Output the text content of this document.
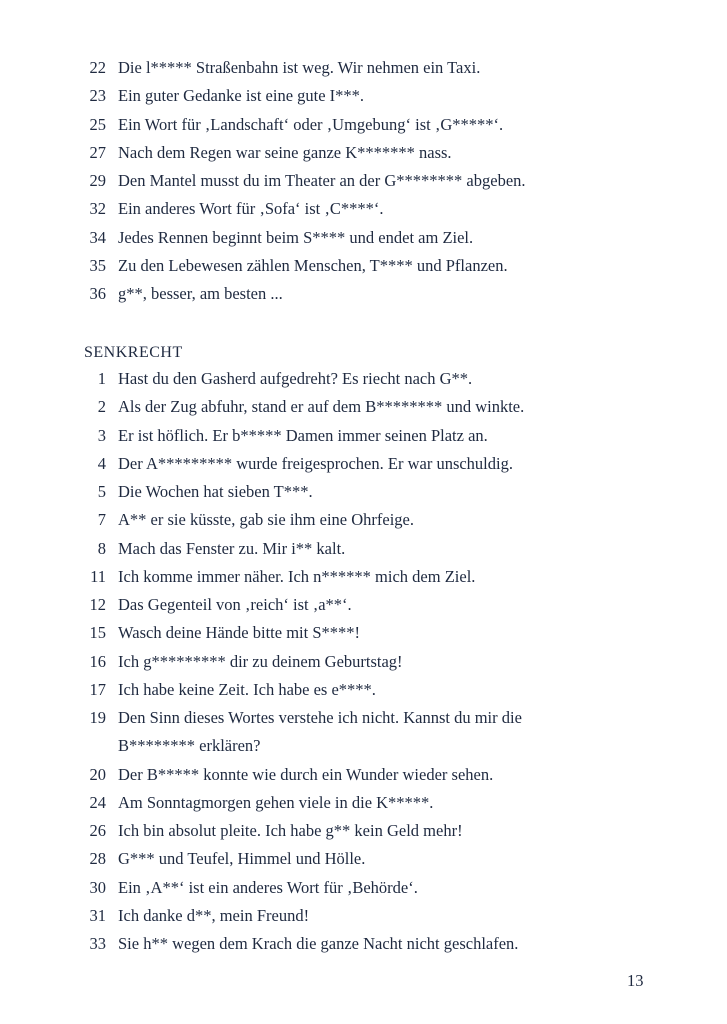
22 Die l***** Straßenbahn ist weg. Wir nehmen ein Taxi.
23 Ein guter Gedanke ist eine gute I***.
25 Ein Wort für ‚Landschaft‘ oder ‚Umgebung‘ ist ‚G*****‘.
27 Nach dem Regen war seine ganze K******* nass.
29 Den Mantel musst du im Theater an der G******** abgeben.
32 Ein anderes Wort für ‚Sofa‘ ist ‚C****‘.
34 Jedes Rennen beginnt beim S**** und endet am Ziel.
35 Zu den Lebewesen zählen Menschen, T**** und Pflanzen.
36 g**, besser, am besten ...
SENKRECHT
1 Hast du den Gasherd aufgedreht? Es riecht nach G**.
2 Als der Zug abfuhr, stand er auf dem B******** und winkte.
3 Er ist höflich. Er b***** Damen immer seinen Platz an.
4 Der A********* wurde freigesprochen. Er war unschuldig.
5 Die Wochen hat sieben T***.
7 A** er sie küsste, gab sie ihm eine Ohrfeige.
8 Mach das Fenster zu. Mir i** kalt.
11 Ich komme immer näher. Ich n****** mich dem Ziel.
12 Das Gegenteil von ‚reich‘ ist ‚a**‘.
15 Wasch deine Hände bitte mit S****!
16 Ich g********* dir zu deinem Geburtstag!
17 Ich habe keine Zeit. Ich habe es e****.
19 Den Sinn dieses Wortes verstehe ich nicht. Kannst du mir die
B******** erklären?
20 Der B***** konnte wie durch ein Wunder wieder sehen.
24 Am Sonntagmorgen gehen viele in die K*****.
26 Ich bin absolut pleite. Ich habe g** kein Geld mehr!
28 G*** und Teufel, Himmel und Hölle.
30 Ein ‚A**‘ ist ein anderes Wort für ‚Behörde‘.
31 Ich danke d**, mein Freund!
33 Sie h** wegen dem Krach die ganze Nacht nicht geschlafen.
13
